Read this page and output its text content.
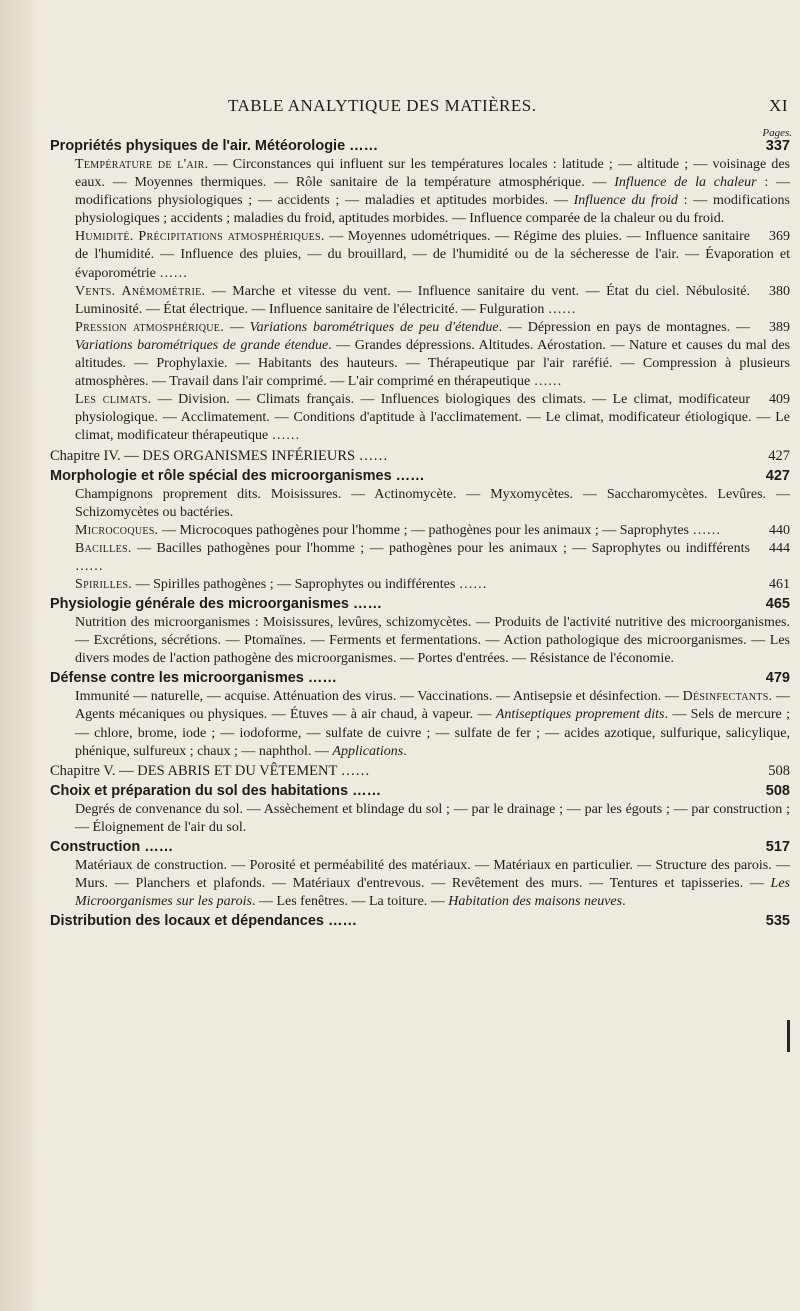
TABLE ANALYTIQUE DES MATIÈRES.	XI
Pages.
337
Propriétés physiques de l'air. Météorologie ……
Température de l'air. — Circonstances qui influent sur les températures locales : latitude ; — altitude ; — voisinage des eaux. — Moyennes thermiques. — Rôle sanitaire de la température atmosphérique. — Influence de la chaleur : — modifications physiologiques ; — accidents ; — maladies et aptitudes morbides. — Influence du froid : — modifications physiologiques ; accidents ; maladies du froid, aptitudes morbides. — Influence comparée de la chaleur ou du froid.
369
Humidité. Précipitations atmosphériques. — Moyennes udométriques. — Régime des pluies. — Influence sanitaire de l'humidité. — Influence des pluies, — du brouillard, — de l'humidité ou de la sécheresse de l'air. — Évaporation et évaporométrie ……
380
Vents. Anémométrie. — Marche et vitesse du vent. — Influence sanitaire du vent. — État du ciel. Nébulosité. Luminosité. — État électrique. — Influence sanitaire de l'électricité. — Fulguration ……
389
Pression atmosphérique. — Variations barométriques de peu d'étendue. — Dépression en pays de montagnes. — Variations barométriques de grande étendue. — Grandes dépressions. Altitudes. Aérostation. — Nature et causes du mal des altitudes. — Prophylaxie. — Habitants des hauteurs. — Thérapeutique par l'air raréfié. — Compression à plusieurs atmosphères. — Travail dans l'air comprimé. — L'air comprimé en thérapeutique ……
409
Les climats. — Division. — Climats français. — Influences biologiques des climats. — Le climat, modificateur physiologique. — Acclimatement. — Conditions d'aptitude à l'acclimatement. — Le climat, modificateur étiologique. — Le climat, modificateur thérapeutique ……
427
Chapitre IV. — DES ORGANISMES INFÉRIEURS ……
427
Morphologie et rôle spécial des microorganismes ……
Champignons proprement dits. Moisissures. — Actinomycète. — Myxomycètes. — Saccharomycètes. Levûres. — Schizomycètes ou bactéries.
440
Microcoques. — Microcoques pathogènes pour l'homme ; — pathogènes pour les animaux ; — Saprophytes ……
444
Bacilles. — Bacilles pathogènes pour l'homme ; — pathogènes pour les animaux ; — Saprophytes ou indifférents ……
461
Spirilles. — Spirilles pathogènes ; — Saprophytes ou indifférentes ……
465
Physiologie générale des microorganismes ……
Nutrition des microorganismes : Moisissures, levûres, schizomycètes. — Produits de l'activité nutritive des microorganismes. — Excrétions, sécrétions. — Ptomaïnes. — Ferments et fermentations. — Action pathologique des microorganismes. — Les divers modes de l'action pathogène des microorganismes. — Portes d'entrées. — Résistance de l'économie.
479
Défense contre les microorganismes ……
Immunité — naturelle, — acquise. Atténuation des virus. — Vaccinations. — Antisepsie et désinfection. — Désinfectants. — Agents mécaniques ou physiques. — Étuves — à air chaud, à vapeur. — Antiseptiques proprement dits. — Sels de mercure ; — chlore, brome, iode ; — iodoforme, — sulfate de cuivre ; — sulfate de fer ; — acides azotique, sulfurique, salicylique, phénique, sulfureux ; chaux ; — naphthol. — Applications.
508
Chapitre V. — DES ABRIS ET DU VÊTEMENT ……
508
Choix et préparation du sol des habitations ……
Degrés de convenance du sol. — Assèchement et blindage du sol ; — par le drainage ; — par les égouts ; — par construction ; — Éloignement de l'air du sol.
517
Construction ……
Matériaux de construction. — Porosité et perméabilité des matériaux. — Matériaux en particulier. — Structure des parois. — Murs. — Planchers et plafonds. — Matériaux d'entrevous. — Revêtement des murs. — Tentures et tapisseries. — Les Microorganismes sur les parois. — Les fenêtres. — La toiture. — Habitation des maisons neuves.
535
Distribution des locaux et dépendances ……
